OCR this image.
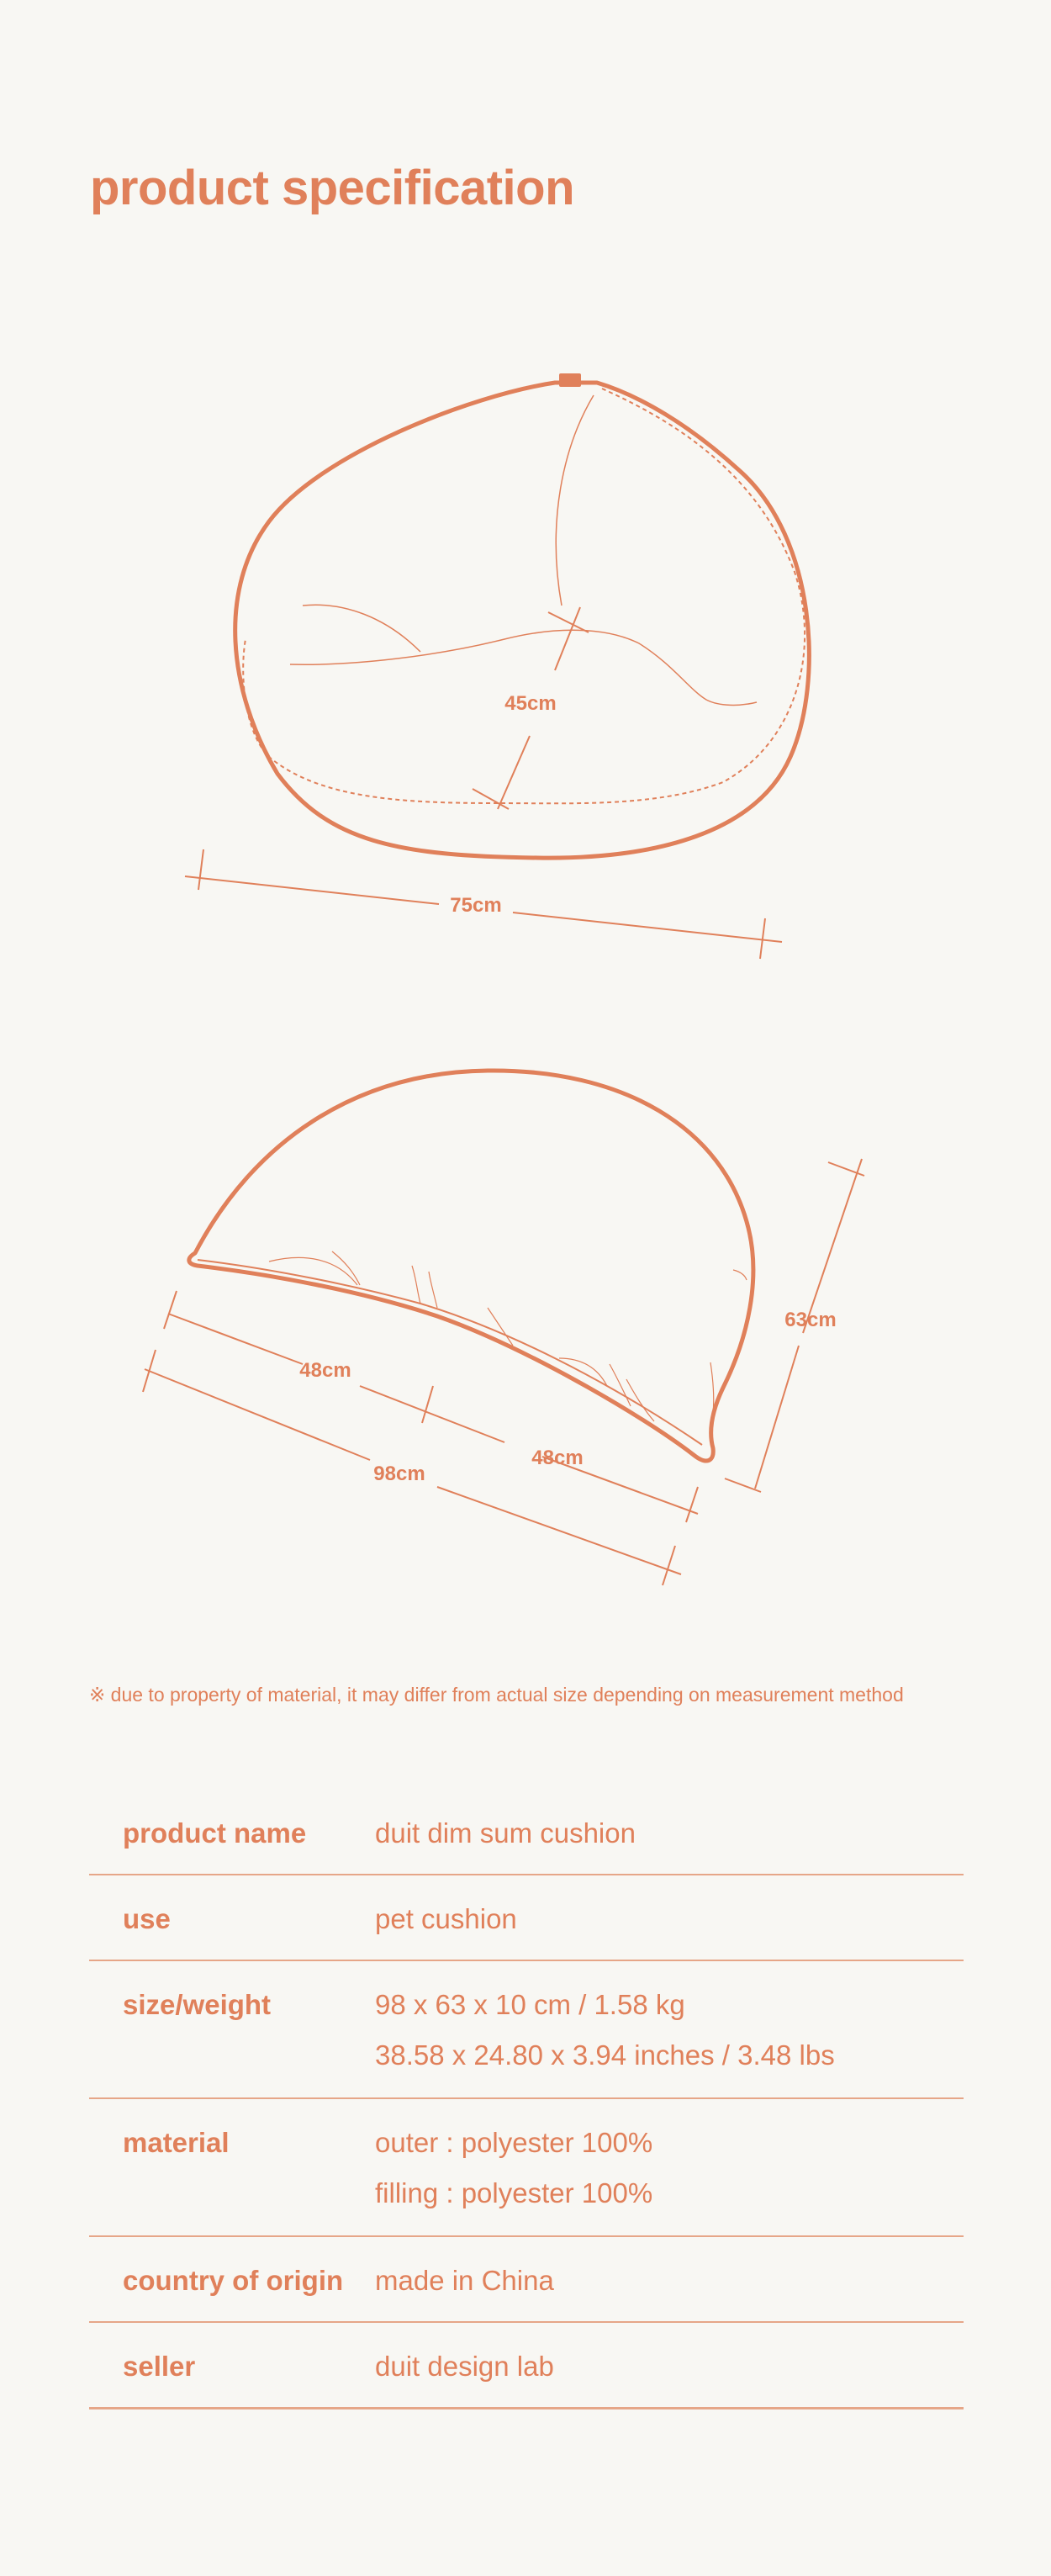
product specification
45cm
75cm
48cm
48cm
98cm
63cm
※ due to property of material, it may differ from actual size depending on measurement method
product name	duit dim sum cushion

use	pet cushion

size/weight	98 x 63 x 10 cm / 1.58 kg
38.58 x 24.80 x 3.94 inches / 3.48 lbs

material	outer : polyester 100%
filling : polyester 100%

country of origin	made in China

seller	duit design lab
